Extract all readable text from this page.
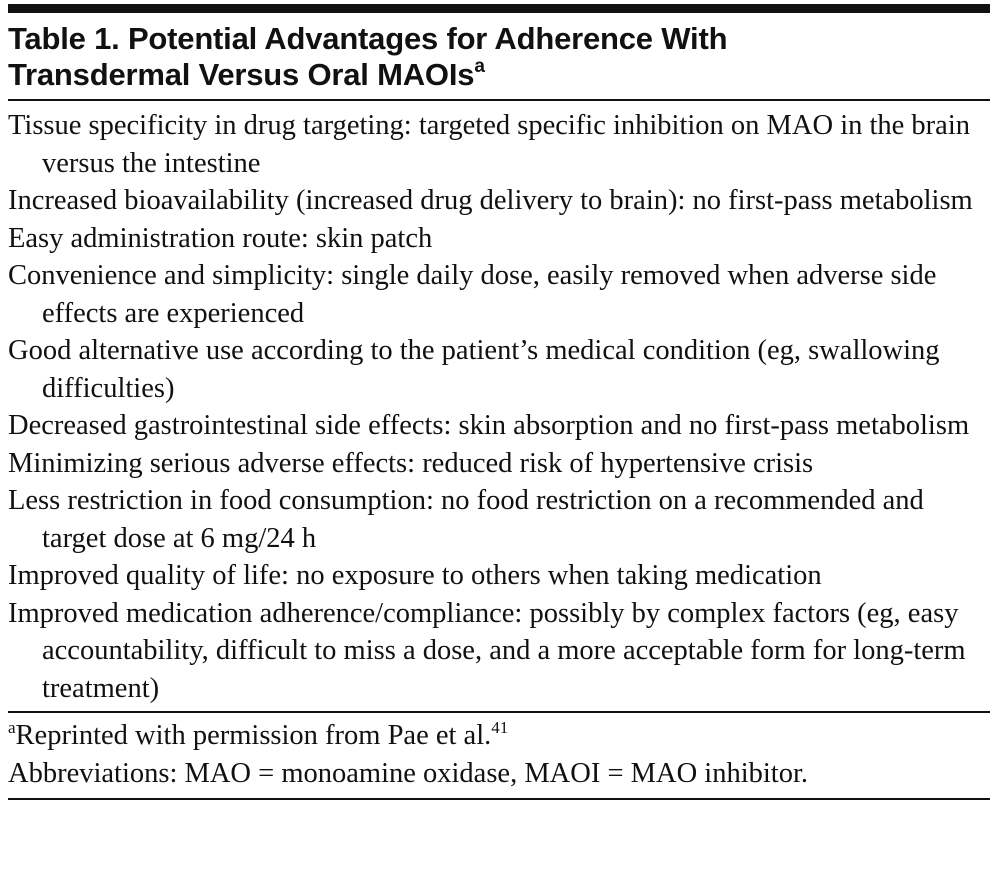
Table 1. Potential Advantages for Adherence With
Transdermal Versus Oral MAOIs$^a$
Tissue specificity in drug targeting: targeted specific inhibition on MAO in the brain versus the intestine
Increased bioavailability (increased drug delivery to brain): no first-pass metabolism
Easy administration route: skin patch
Convenience and simplicity: single daily dose, easily removed when adverse side effects are experienced
Good alternative use according to the patient’s medical condition (eg, swallowing difficulties)
Decreased gastrointestinal side effects: skin absorption and no first-pass metabolism
Minimizing serious adverse effects: reduced risk of hypertensive crisis
Less restriction in food consumption: no food restriction on a recommended and target dose at 6 mg/24 h
Improved quality of life: no exposure to others when taking medication
Improved medication adherence/compliance: possibly by complex factors (eg, easy accountability, difficult to miss a dose, and a more acceptable form for long-term treatment)

$^a$Reprinted with permission from Pae et al.$^{41}$

Abbreviations: MAO = monoamine oxidase, MAOI = MAO inhibitor.
